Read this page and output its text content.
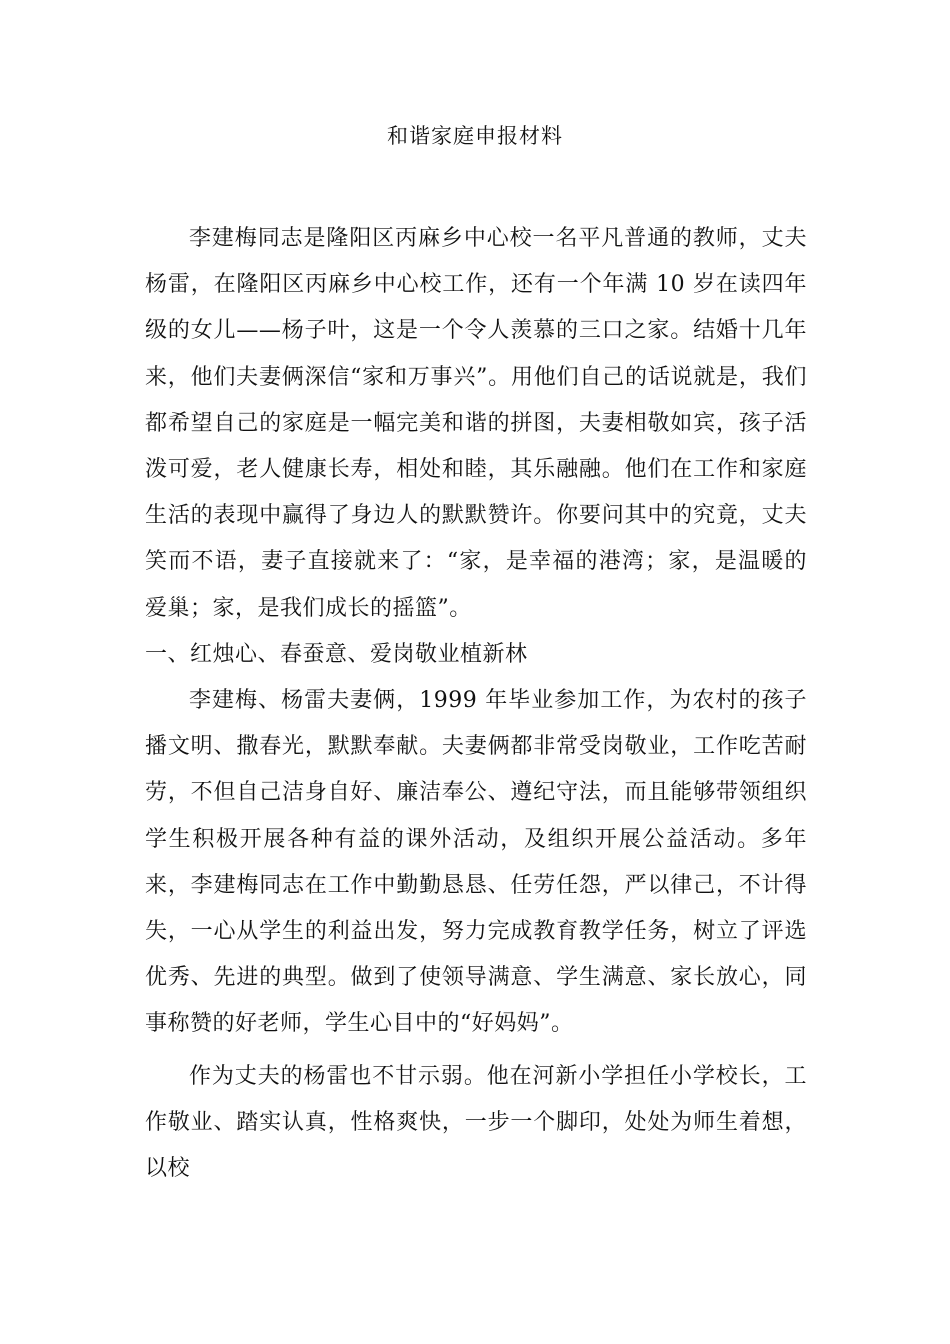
和谐家庭申报材料

李建梅同志是隆阳区丙麻乡中心校一名平凡普通的教师，丈夫杨雷，在隆阳区丙麻乡中心校工作，还有一个年满 10 岁在读四年级的女儿——杨子叶，这是一个令人羡慕的三口之家。结婚十几年来，他们夫妻俩深信“家和万事兴”。用他们自己的话说就是，我们都希望自己的家庭是一幅完美和谐的拼图，夫妻相敬如宾，孩子活泼可爱，老人健康长寿，相处和睦，其乐融融。他们在工作和家庭生活的表现中赢得了身边人的默默赞许。你要问其中的究竟，丈夫笑而不语，妻子直接就来了：“家，是幸福的港湾；家，是温暖的爱巢；家，是我们成长的摇篮”。

一、红烛心、春蚕意、爱岗敬业植新林

李建梅、杨雷夫妻俩，1999 年毕业参加工作，为农村的孩子播文明、撒春光，默默奉献。夫妻俩都非常受岗敬业，工作吃苦耐劳，不但自己洁身自好、廉洁奉公、遵纪守法，而且能够带领组织学生积极开展各种有益的课外活动，及组织开展公益活动。多年来，李建梅同志在工作中勤勤恳恳、任劳任怨，严以律己，不计得失，一心从学生的利益出发，努力完成教育教学任务，树立了评选优秀、先进的典型。做到了使领导满意、学生满意、家长放心，同事称赞的好老师，学生心目中的“好妈妈”。

作为丈夫的杨雷也不甘示弱。他在河新小学担任小学校长，工作敬业、踏实认真，性格爽快，一步一个脚印，处处为师生着想，以校
